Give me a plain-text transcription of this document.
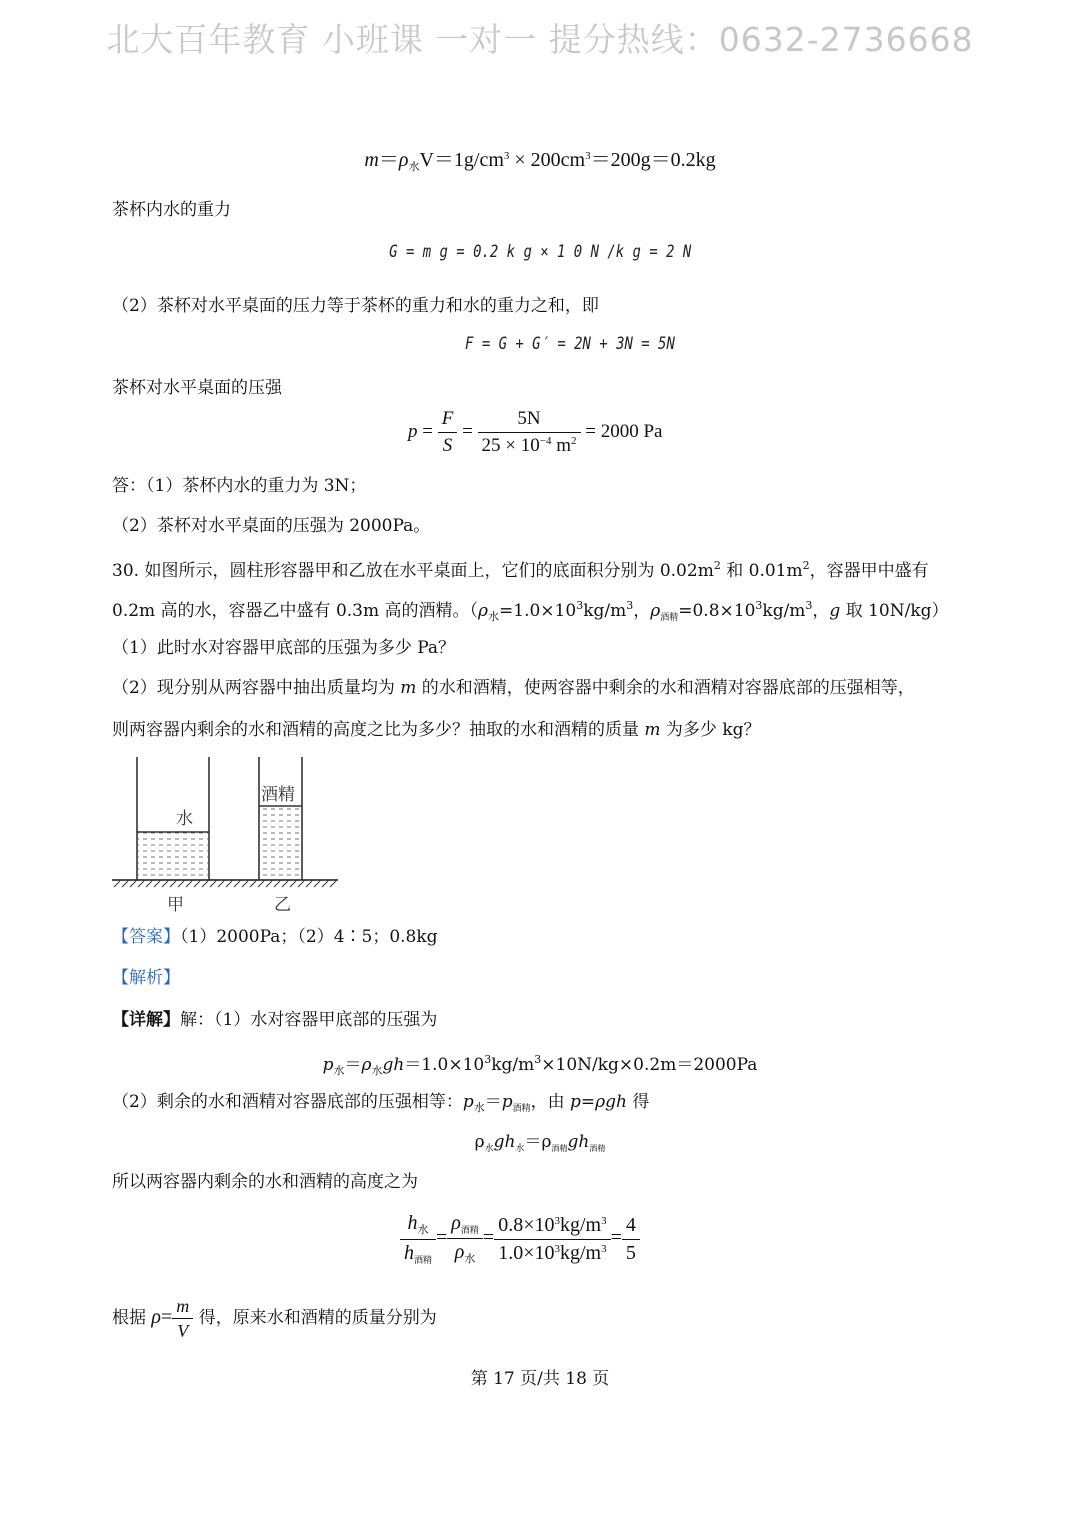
北大百年教育 小班课 一对一 提分热线：0632-2736668
$m=\rho_水V=1g/cm^3 \times 200cm^3=200g=0.2kg$
茶杯内水的重力
G = m g = 0.2 k g × 1 0 N /k g = 2 N
（2）茶杯对水平桌面的压力等于茶杯的重力和水的重力之和，即
F = G + G′ = 2N + 3N = 5N
茶杯对水平桌面的压强
$p = \frac{F}{S} = \frac{5N}{25 \times 10^{-4} m^2} = 2000$ Pa
答：（1）茶杯内水的重力为 3N；
（2）茶杯对水平桌面的压强为 2000Pa。
30. 如图所示，圆柱形容器甲和乙放在水平桌面上，它们的底面积分别为 $0.02m^2$ 和 $0.01m^2$，容器甲中盛有
0.2m 高的水，容器乙中盛有 0.3m 高的酒精。（$\rho_水=1.0\times 10^3kg/m^3$，$\rho_{酒精}=0.8\times 10^3kg/m^3$，g 取 10N/kg）
（1）此时水对容器甲底部的压强为多少 Pa？
（2）现分别从两容器中抽出质量均为 m 的水和酒精，使两容器中剩余的水和酒精对容器底部的压强相等，
则两容器内剩余的水和酒精的高度之比为多少？抽取的水和酒精的质量 m 为多少 kg？
水
酒精
甲	乙
【答案】（1）2000Pa；（2）4∶5；0.8kg
【解析】
【详解】解：（1）水对容器甲底部的压强为
$p_水=\rho_水gh=1.0\times 10^3kg/m^3\times 10N/kg\times 0.2m=2000Pa$
（2）剩余的水和酒精对容器底部的压强相等：$p_水=p_{酒精}$，由 p=ρgh 得
$\rho_水gh_水=\rho_{酒精}gh_{酒精}$
所以两容器内剩余的水和酒精的高度之为
$\frac{h_水}{h_{酒精}} = \frac{\rho_{酒精}}{\rho_水} = \frac{0.8\times 10^3kg/m^3}{1.0\times 10^3kg/m^3} = \frac{4}{5}$
根据 $\rho= \frac{m}{V}$ 得，原来水和酒精的质量分别为
第 17 页/共 18 页
